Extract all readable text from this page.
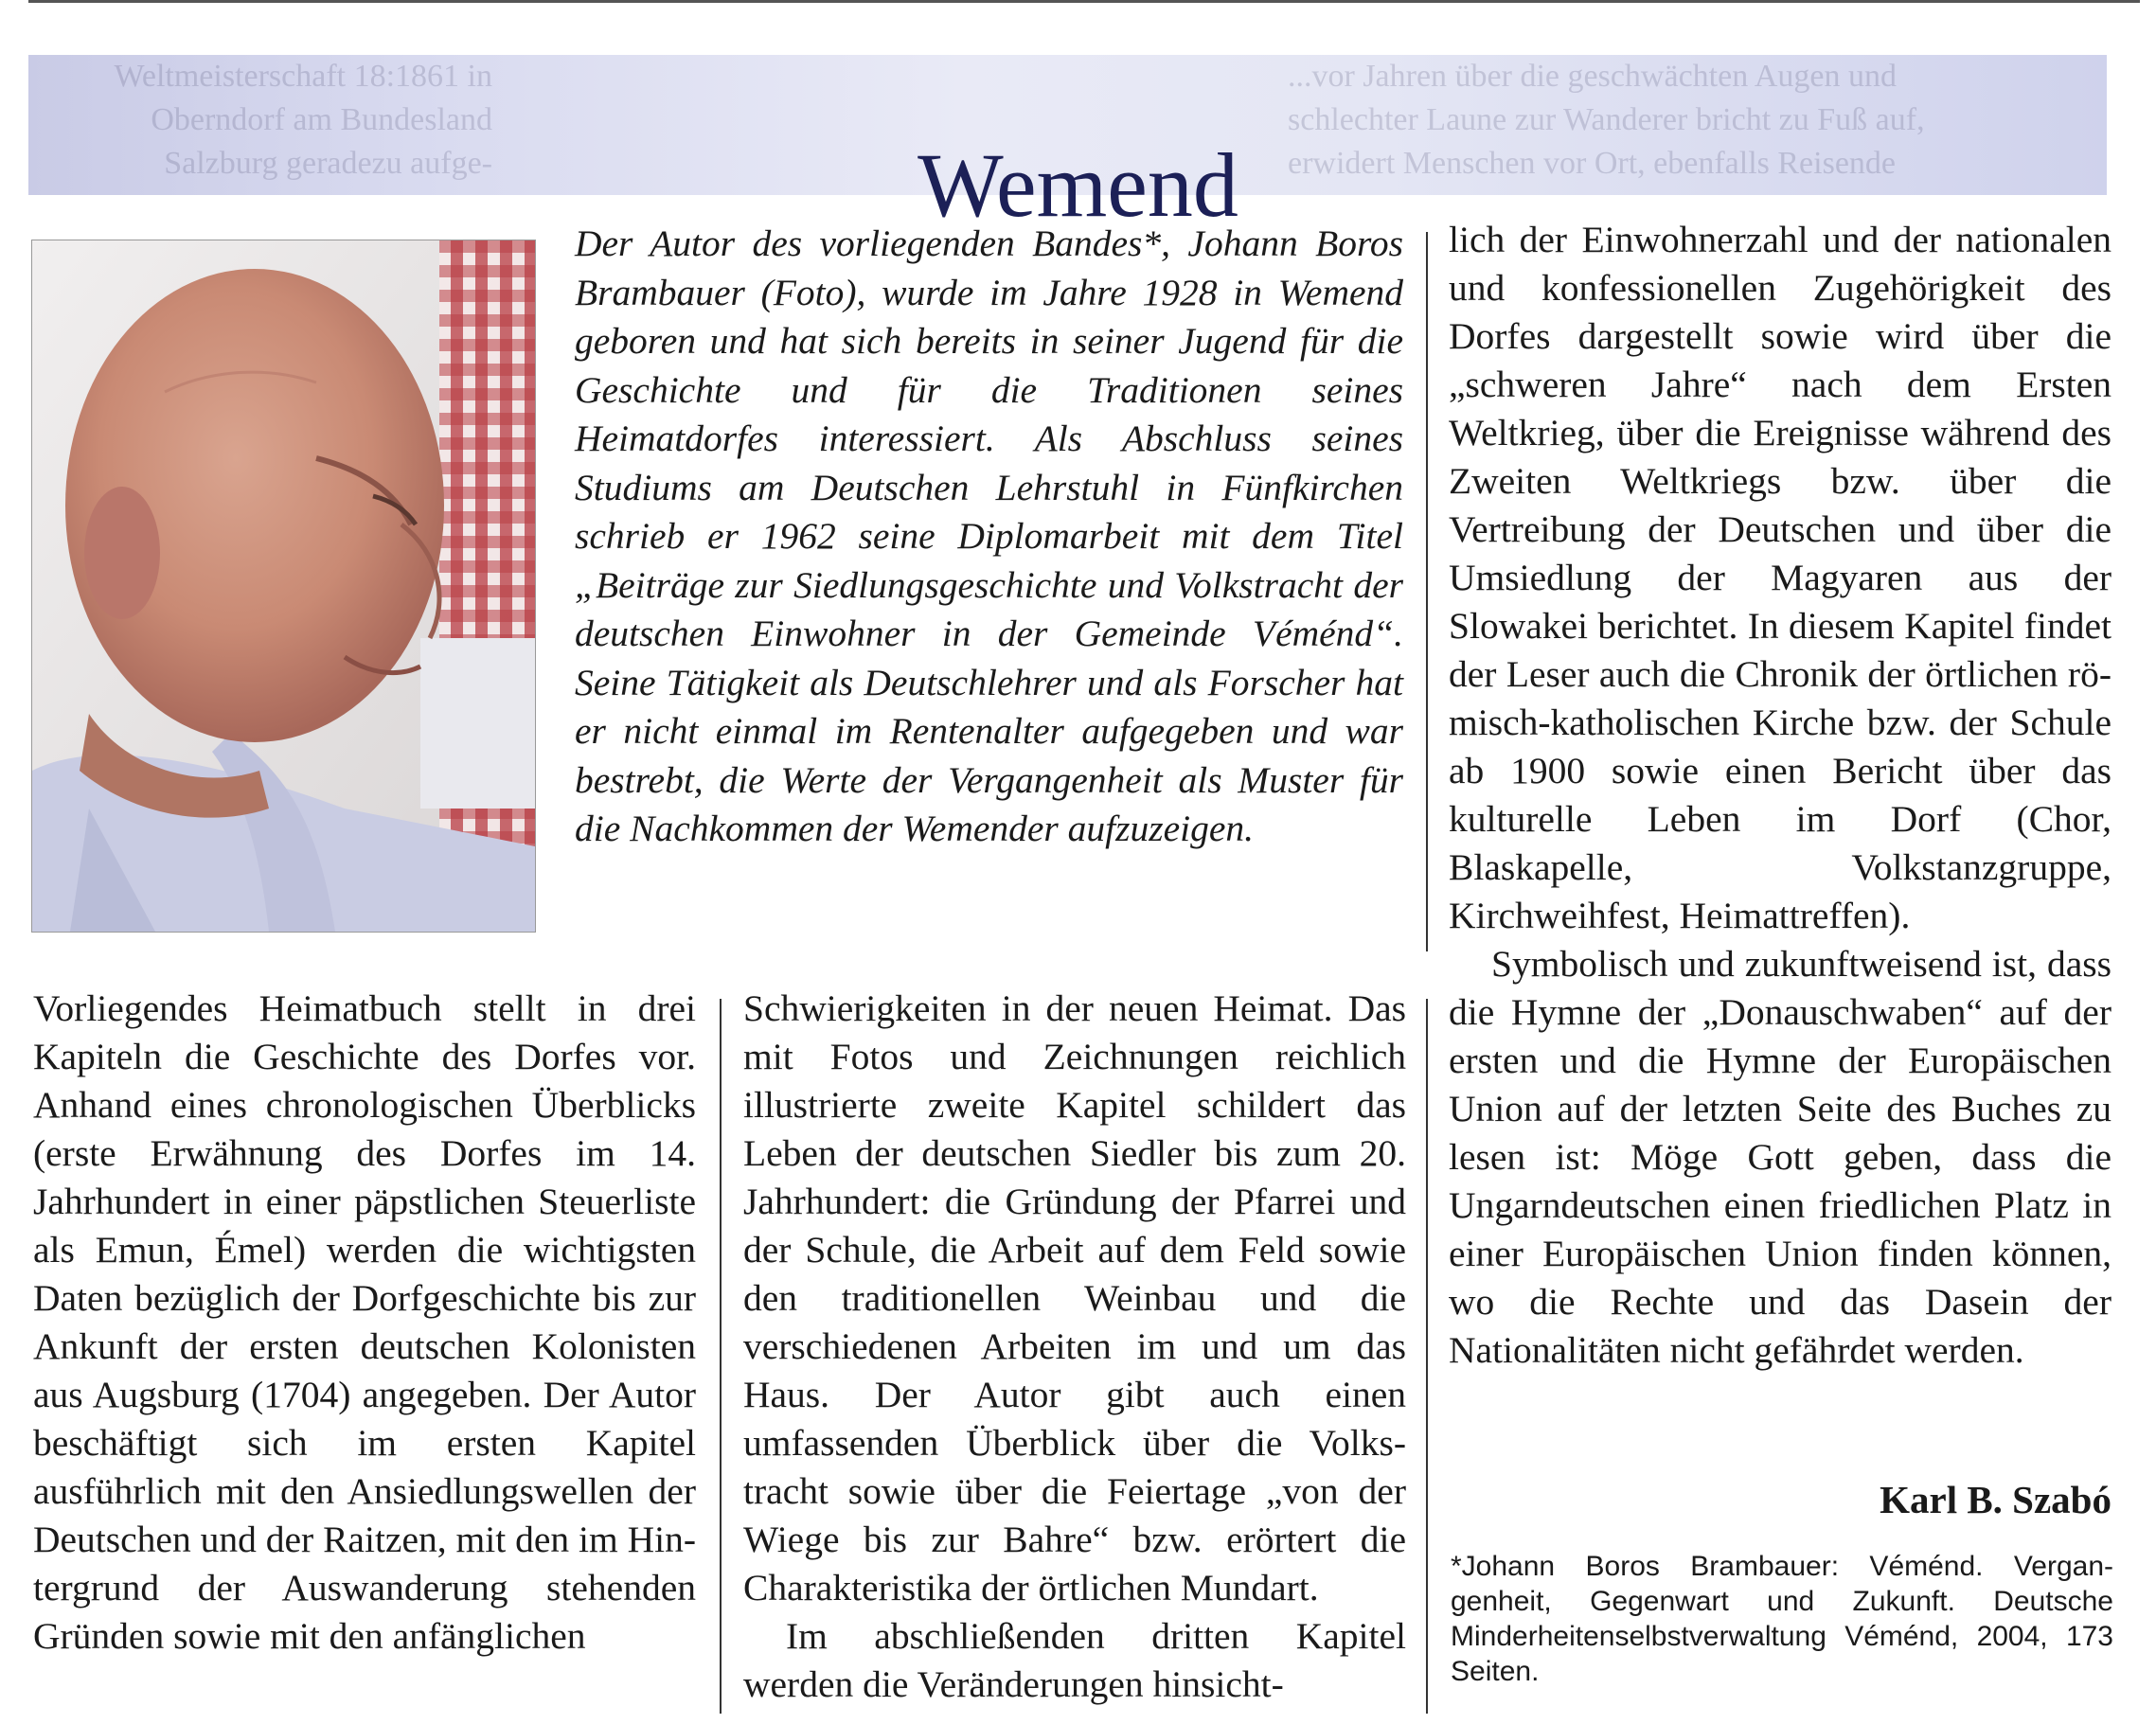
Weltmeisterschaft 18:1861 in
Oberndorf am Bundesland
Salzburg geradezu aufge-
...vor Jahren über die geschwächten Augen und
schlechter Laune zur Wanderer bricht zu Fuß auf,
erwidert Menschen vor Ort, ebenfalls Reisende
Wemend

Der Autor des vorliegenden Bandes*, Johann Boros Brambauer (Foto), wurde im Jahre 1928 in Wemend geboren und hat sich bereits in seiner Jugend für die Geschichte und für die Traditionen seines Heimatdorfes interessiert. Als Abschluss seines Studiums am Deutschen Lehrstuhl in Fünfkirchen schrieb er 1962 seine Diplomarbeit mit dem Titel „Beiträge zur Siedlungsgeschichte und Volkstracht der deutschen Einwohner in der Gemeinde Véménd“. Seine Tätigkeit als Deutschlehrer und als Forscher hat er nicht einmal im Rentenalter aufgegeben und war bestrebt, die Werte der Vergangenheit als Muster für die Nachkommen der Wemender aufzuzeigen.

Vorliegendes Heimatbuch stellt in drei Kapiteln die Geschichte des Dorfes vor. Anhand eines chronologischen Überblicks (erste Erwähnung des Dorfes im 14. Jahrhundert in einer päpstlichen Steuerliste als Emun, Émel) werden die wichtigsten Daten bezüglich der Dorfgeschichte bis zur Ankunft der ersten deutschen Kolonisten aus Augsburg (1704) angegeben. Der Autor beschäftigt sich im ersten Kapitel ausführlich mit den Ansiedlungswellen der Deutschen und der Raitzen, mit den im Hintergrund der Auswanderung stehenden Gründen sowie mit den anfänglichen

Schwierigkeiten in der neuen Heimat. Das mit Fotos und Zeichnungen reichlich illustrierte zweite Kapitel schildert das Leben der deutschen Siedler bis zum 20. Jahrhundert: die Gründung der Pfarrei und der Schule, die Arbeit auf dem Feld sowie den traditionellen Weinbau und die verschiedenen Arbeiten im und um das Haus. Der Autor gibt auch einen umfassenden Überblick über die Volkstracht sowie über die Feiertage „von der Wiege bis zur Bahre“ bzw. erörtert die Charakteristika der örtlichen Mundart.

Im abschließenden dritten Kapitel werden die Veränderungen hinsicht-

lich der Einwohnerzahl und der nationalen und konfessionellen Zugehörigkeit des Dorfes dargestellt sowie wird über die „schweren Jahre“ nach dem Ersten Weltkrieg, über die Ereignisse während des Zweiten Weltkriegs bzw. über die Vertreibung der Deutschen und über die Umsiedlung der Magyaren aus der Slowakei berichtet. In diesem Kapitel findet der Leser auch die Chronik der örtlichen römisch-katholischen Kirche bzw. der Schule ab 1900 sowie einen Bericht über das kulturelle Leben im Dorf (Chor, Blaskapelle, Volkstanzgruppe, Kirchweihfest, Heimattreffen).

Symbolisch und zukunftweisend ist, dass die Hymne der „Donauschwaben“ auf der ersten und die Hymne der Europäischen Union auf der letzten Seite des Buches zu lesen ist: Möge Gott geben, dass die Ungarndeutschen einen friedlichen Platz in einer Europäischen Union finden können, wo die Rechte und das Dasein der Nationalitäten nicht gefährdet werden.

Karl B. Szabó
*Johann Boros Brambauer: Véménd. Vergangenheit, Gegenwart und Zukunft. Deutsche Minderheitenselbstverwaltung Véménd, 2004, 173 Seiten.
